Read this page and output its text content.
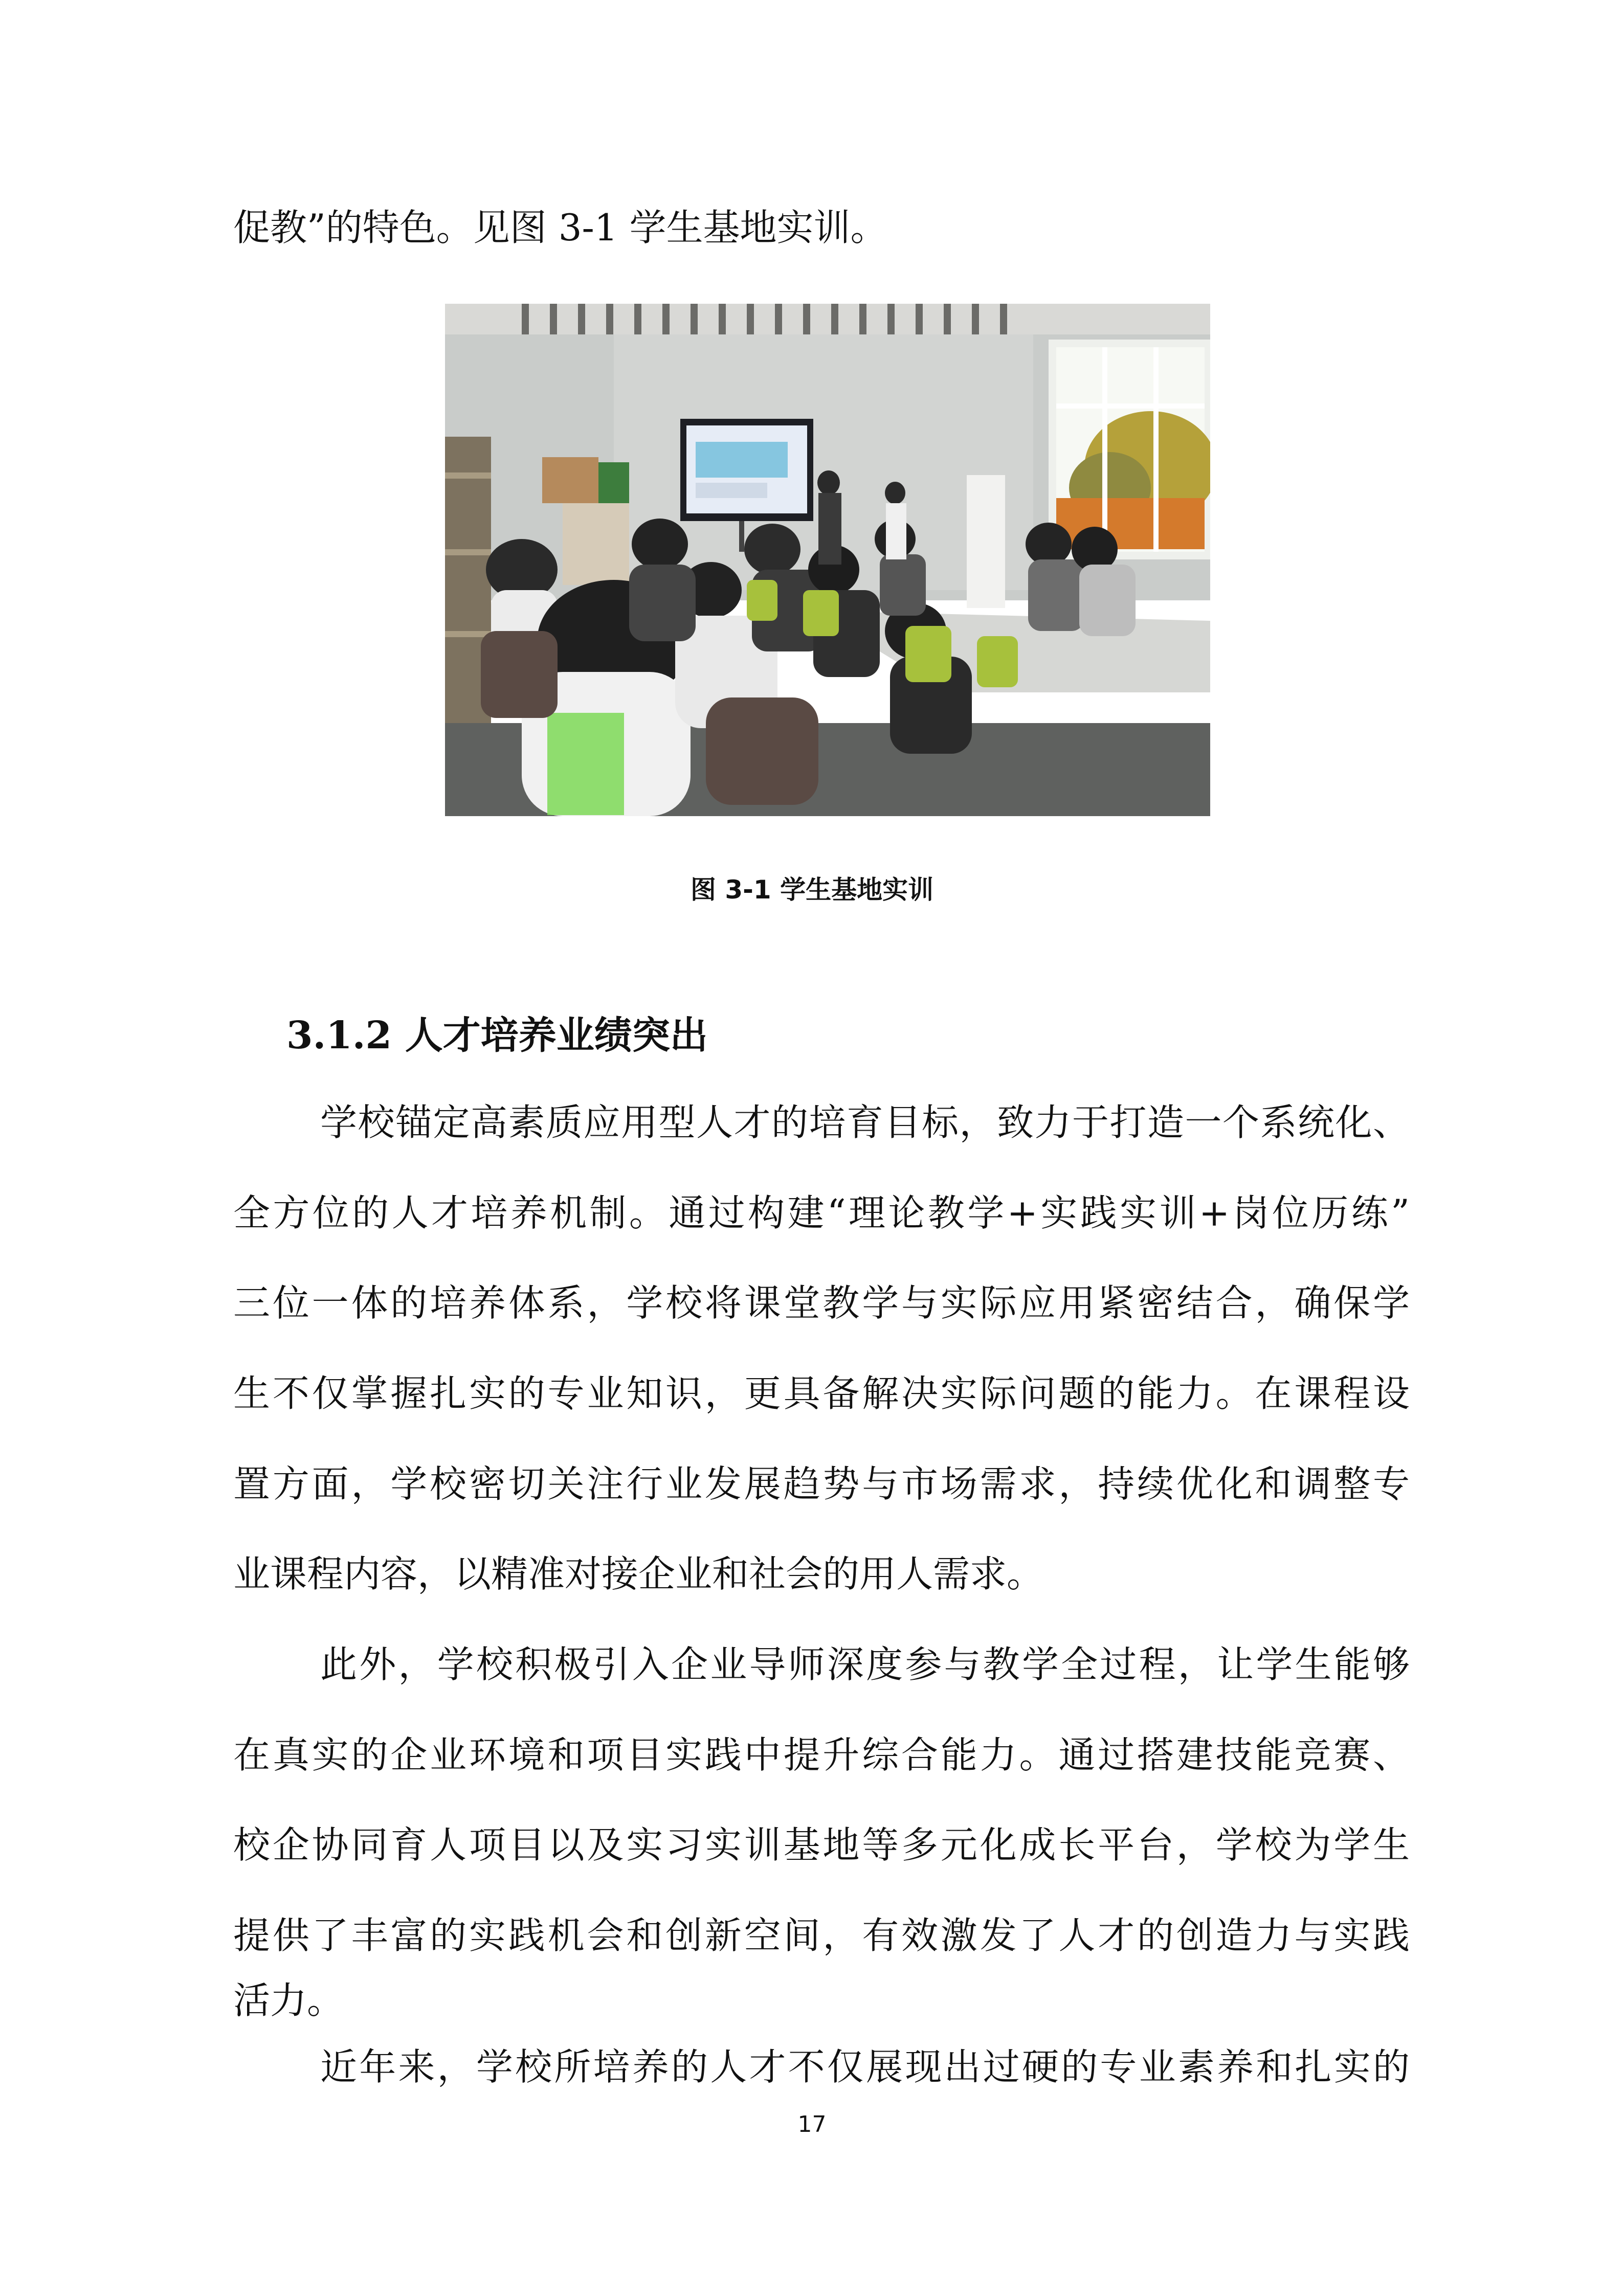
促教”的特色。见图 3-1 学生基地实训。
图 3-1 学生基地实训
3.1.2 人才培养业绩突出
学校锚定高素质应用型人才的培育目标，致力于打造一个系统化、
全方位的人才培养机制。通过构建“理论教学+实践实训+岗位历练”
三位一体的培养体系，学校将课堂教学与实际应用紧密结合，确保学
生不仅掌握扎实的专业知识，更具备解决实际问题的能力。在课程设
置方面，学校密切关注行业发展趋势与市场需求，持续优化和调整专
业课程内容，以精准对接企业和社会的用人需求。
此外，学校积极引入企业导师深度参与教学全过程，让学生能够
在真实的企业环境和项目实践中提升综合能力。通过搭建技能竞赛、
校企协同育人项目以及实习实训基地等多元化成长平台，学校为学生
提供了丰富的实践机会和创新空间，有效激发了人才的创造力与实践
活力。
近年来，学校所培养的人才不仅展现出过硬的专业素养和扎实的
17
